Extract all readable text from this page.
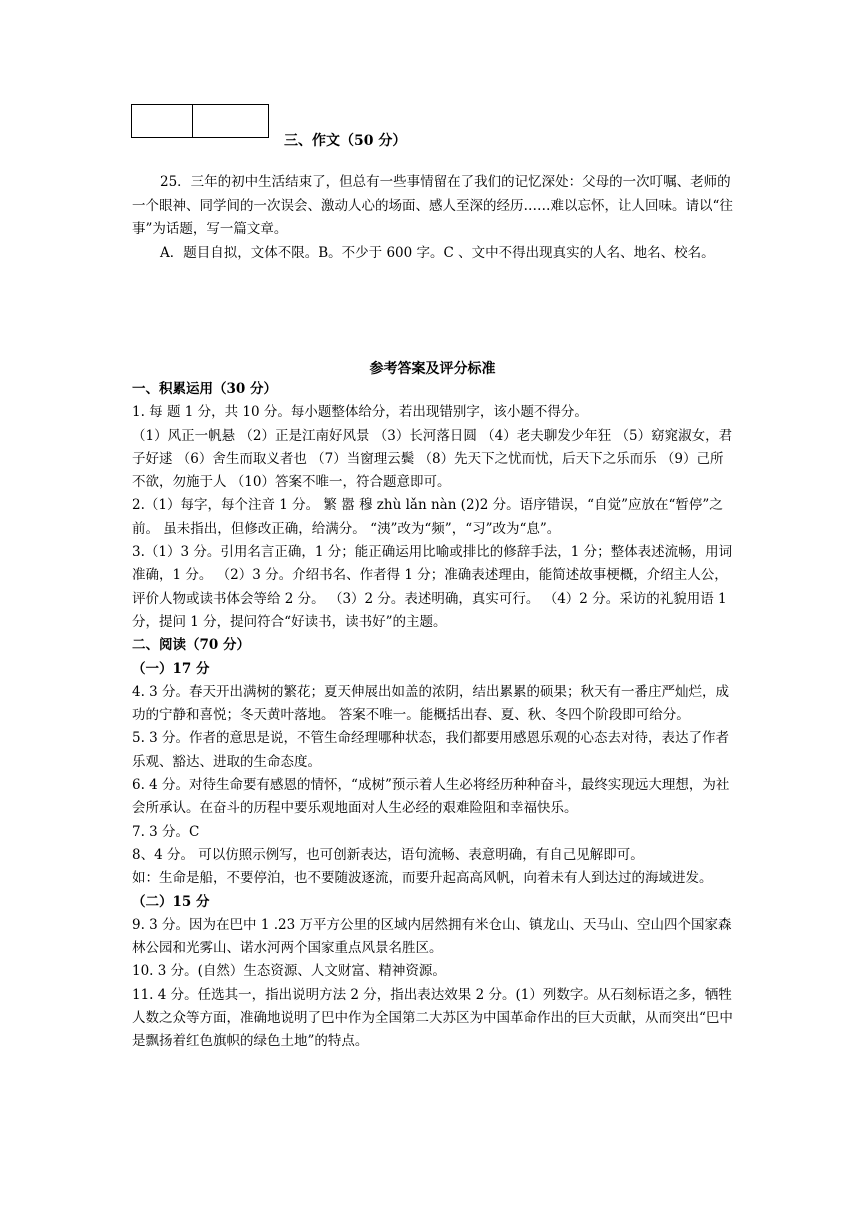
三、作文（50 分）

25．三年的初中生活结束了，但总有一些事情留在了我们的记忆深处：父母的一次叮嘱、老师的一个眼神、同学间的一次误会、激动人心的场面、感人至深的经历……难以忘怀，让人回味。请以“往事”为话题，写一篇文章。

A．题目自拟，文体不限。B。不少于 600 字。C 、文中不得出现真实的人名、地名、校名。

参考答案及评分标准

一、积累运用（30 分）

1. 每 题 1 分，共 10 分。每小题整体给分，若出现错别字，该小题不得分。

（1）风正一帆悬 （2）正是江南好风景 （3）长河落日圆 （4）老夫聊发少年狂 （5）窈窕淑女，君子好逑 （6）舍生而取义者也 （7）当窗理云鬓 （8）先天下之忧而忧，后天下之乐而乐 （9）己所不欲，勿施于人 （10）答案不唯一，符合题意即可。

2.（1）每字，每个注音 1 分。 繁 嚣 穆 zhù lǎn nàn (2)2 分。语序错误，“自觉”应放在“暂停”之前。 虽未指出，但修改正确，给满分。 “洟”改为“频”，“习”改为“息”。

3.（1）3 分。引用名言正确，1 分；能正确运用比喻或排比的修辞手法，1 分；整体表述流畅，用词准确，1 分。 （2）3 分。介绍书名、作者得 1 分；准确表述理由，能简述故事梗概，介绍主人公，评价人物或读书体会等给 2 分。 （3）2 分。表述明确，真实可行。 （4）2 分。采访的礼貌用语 1 分，提问 1 分，提问符合“好读书，读书好”的主题。

二、阅读（70 分）

（一）17 分

4. 3 分。春天开出满树的繁花；夏天伸展出如盖的浓阴，结出累累的硕果；秋天有一番庄严灿烂，成功的宁静和喜悦；冬天黄叶落地。 答案不唯一。能概括出春、夏、秋、冬四个阶段即可给分。

5. 3 分。作者的意思是说，不管生命经理哪种状态，我们都要用感恩乐观的心态去对待，表达了作者乐观、豁达、进取的生命态度。

6. 4 分。对待生命要有感恩的情怀，“成树”预示着人生必将经历种种奋斗，最终实现远大理想，为社会所承认。在奋斗的历程中要乐观地面对人生必经的艰难险阻和幸福快乐。

7. 3 分。C

8、4 分。 可以仿照示例写，也可创新表达，语句流畅、表意明确，有自己见解即可。

如：生命是船，不要停泊，也不要随波逐流，而要升起高高风帆，向着未有人到达过的海域进发。

（二）15 分

9. 3 分。因为在巴中 1 .23 万平方公里的区域内居然拥有米仓山、镇龙山、天马山、空山四个国家森林公园和光雾山、诺水河两个国家重点风景名胜区。

10. 3 分。(自然）生态资源、人文财富、精神资源。

11. 4 分。任选其一，指出说明方法 2 分，指出表达效果 2 分。(1）列数字。从石刻标语之多，牺牲人数之众等方面，准确地说明了巴中作为全国第二大苏区为中国革命作出的巨大贡献，从而突出“巴中是飘扬着红色旗帜的绿色土地”的特点。
